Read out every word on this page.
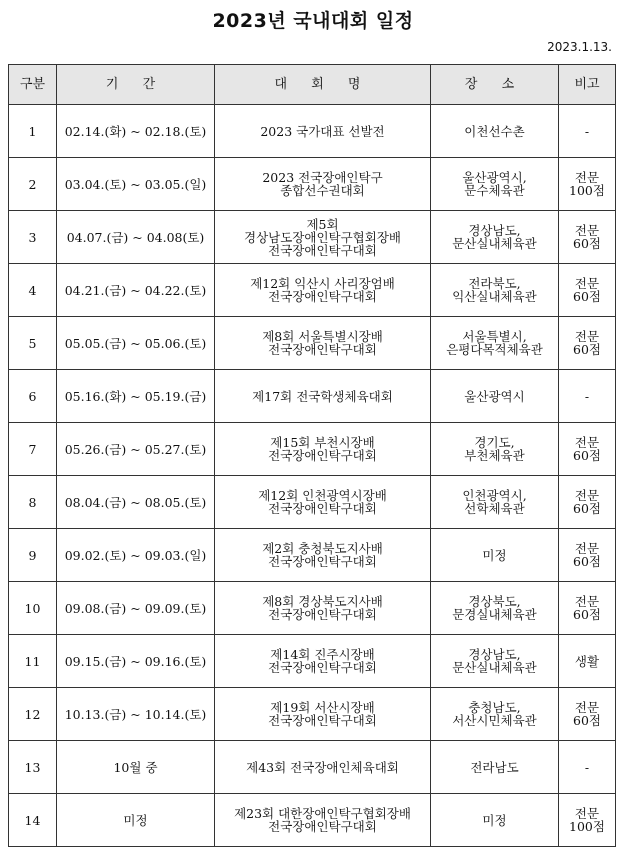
2023년 국내대회 일정
2023.1.13.
구분	기 간	대 회 명	장 소	비고
1	02.14.(화) ~ 02.18.(토)	2023 국가대표 선발전	이천선수촌	-
2	03.04.(토) ~ 03.05.(일)	2023 전국장애인탁구
종합선수권대회	울산광역시,
문수체육관	전문
100점
3	04.07.(금) ~ 04.08(토)	제5회
경상남도장애인탁구협회장배
전국장애인탁구대회	경상남도,
문산실내체육관	전문
60점
4	04.21.(금) ~ 04.22.(토)	제12회 익산시 사리장엄배
전국장애인탁구대회	전라북도,
익산실내체육관	전문
60점
5	05.05.(금) ~ 05.06.(토)	제8회 서울특별시장배
전국장애인탁구대회	서울특별시,
은평다목적체육관	전문
60점
6	05.16.(화) ~ 05.19.(금)	제17회 전국학생체육대회	울산광역시	-
7	05.26.(금) ~ 05.27.(토)	제15회 부천시장배
전국장애인탁구대회	경기도,
부천체육관	전문
60점
8	08.04.(금) ~ 08.05.(토)	제12회 인천광역시장배
전국장애인탁구대회	인천광역시,
선학체육관	전문
60점
9	09.02.(토) ~ 09.03.(일)	제2회 충청북도지사배
전국장애인탁구대회	미정	전문
60점
10	09.08.(금) ~ 09.09.(토)	제8회 경상북도지사배
전국장애인탁구대회	경상북도,
문경실내체육관	전문
60점
11	09.15.(금) ~ 09.16.(토)	제14회 진주시장배
전국장애인탁구대회	경상남도,
문산실내체육관	생활
12	10.13.(금) ~ 10.14.(토)	제19회 서산시장배
전국장애인탁구대회	충청남도,
서산시민체육관	전문
60점
13	10월 중	제43회 전국장애인체육대회	전라남도	-
14	미정	제23회 대한장애인탁구협회장배
전국장애인탁구대회	미정	전문
100점
